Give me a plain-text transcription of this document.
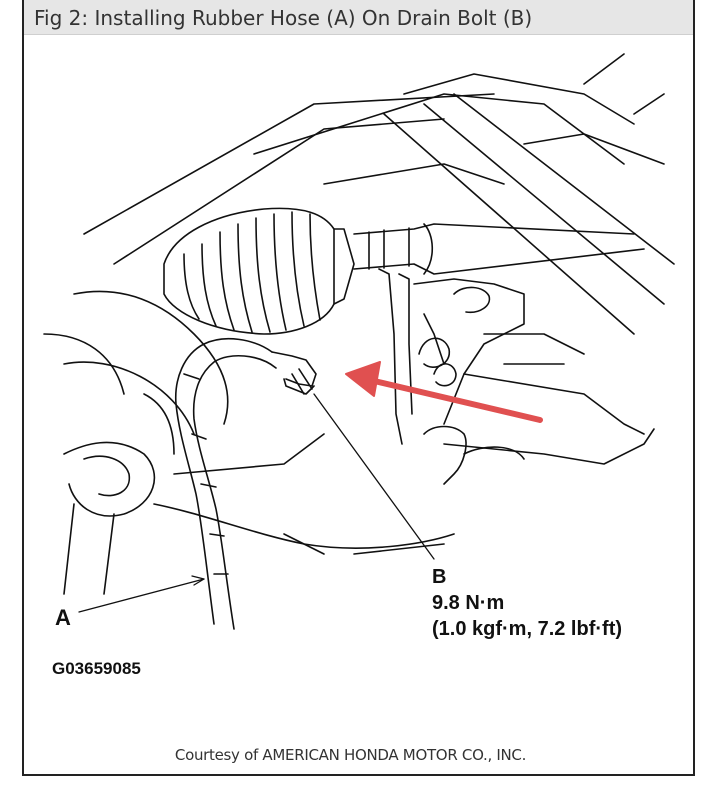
Fig 2: Installing Rubber Hose (A) On Drain Bolt (B)
A
B
9.8 N·m
(1.0 kgf·m, 7.2 lbf·ft)
G03659085
Courtesy of AMERICAN HONDA MOTOR CO., INC.
